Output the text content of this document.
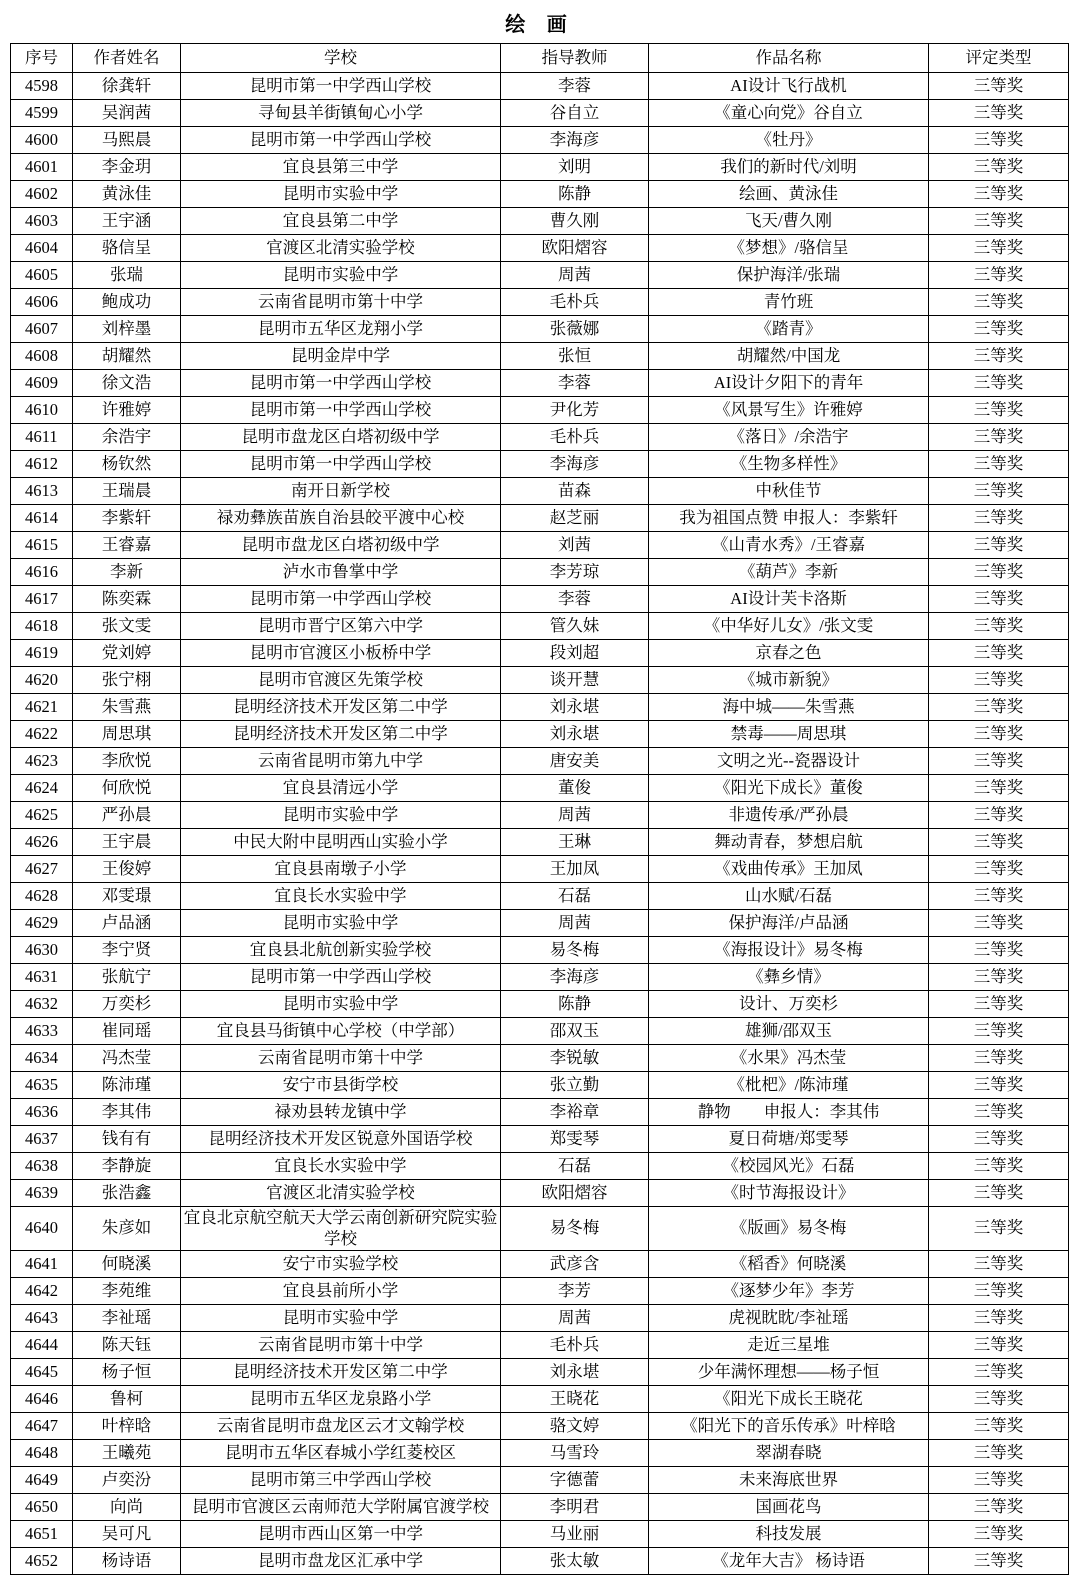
绘 画
序号	作者姓名	学校	指导教师	作品名称	评定类型
4598	徐龚轩	昆明市第一中学西山学校	李蓉	AI设计飞行战机	三等奖
4599	吴润茜	寻甸县羊街镇甸心小学	谷自立	《童心向党》谷自立	三等奖
4600	马熙晨	昆明市第一中学西山学校	李海彦	《牡丹》	三等奖
4601	李金玥	宜良县第三中学	刘明	我们的新时代/刘明	三等奖
4602	黄泳佳	昆明市实验中学	陈静	绘画、黄泳佳	三等奖
4603	王宇涵	宜良县第二中学	曹久刚	飞天/曹久刚	三等奖
4604	骆信呈	官渡区北清实验学校	欧阳熠容	《梦想》/骆信呈	三等奖
4605	张瑞	昆明市实验中学	周茜	保护海洋/张瑞	三等奖
4606	鲍成功	云南省昆明市第十中学	毛朴兵	青竹班	三等奖
4607	刘梓墨	昆明市五华区龙翔小学	张薇娜	《踏青》	三等奖
4608	胡耀然	昆明金岸中学	张恒	胡耀然/中国龙	三等奖
4609	徐文浩	昆明市第一中学西山学校	李蓉	AI设计夕阳下的青年	三等奖
4610	许雅婷	昆明市第一中学西山学校	尹化芳	《风景写生》许雅婷	三等奖
4611	余浩宇	昆明市盘龙区白塔初级中学	毛朴兵	《落日》/余浩宇	三等奖
4612	杨钦然	昆明市第一中学西山学校	李海彦	《生物多样性》	三等奖
4613	王瑞晨	南开日新学校	苗森	中秋佳节	三等奖
4614	李紫轩	禄劝彝族苗族自治县皎平渡中心校	赵芝丽	我为祖国点赞 申报人：李紫轩	三等奖
4615	王睿嘉	昆明市盘龙区白塔初级中学	刘茜	《山青水秀》/王睿嘉	三等奖
4616	李新	泸水市鲁掌中学	李芳琼	《葫芦》李新	三等奖
4617	陈奕霖	昆明市第一中学西山学校	李蓉	AI设计芙卡洛斯	三等奖
4618	张文雯	昆明市晋宁区第六中学	管久妹	《中华好儿女》/张文雯	三等奖
4619	党刘婷	昆明市官渡区小板桥中学	段刘超	京春之色	三等奖
4620	张宁栩	昆明市官渡区先策学校	谈开慧	《城市新貌》	三等奖
4621	朱雪燕	昆明经济技术开发区第二中学	刘永堪	海中城——朱雪燕	三等奖
4622	周思琪	昆明经济技术开发区第二中学	刘永堪	禁毒——周思琪	三等奖
4623	李欣悦	云南省昆明市第九中学	唐安美	文明之光--瓷器设计	三等奖
4624	何欣悦	宜良县清远小学	董俊	《阳光下成长》董俊	三等奖
4625	严孙晨	昆明市实验中学	周茜	非遗传承/严孙晨	三等奖
4626	王宇晨	中民大附中昆明西山实验小学	王琳	舞动青春，梦想启航	三等奖
4627	王俊婷	宜良县南墩子小学	王加凤	《戏曲传承》王加凤	三等奖
4628	邓雯璟	宜良长水实验中学	石磊	山水赋/石磊	三等奖
4629	卢品涵	昆明市实验中学	周茜	保护海洋/卢品涵	三等奖
4630	李宁贤	宜良县北航创新实验学校	易冬梅	《海报设计》易冬梅	三等奖
4631	张航宁	昆明市第一中学西山学校	李海彦	《彝乡情》	三等奖
4632	万奕杉	昆明市实验中学	陈静	设计、万奕杉	三等奖
4633	崔同瑶	宜良县马街镇中心学校（中学部）	邵双玉	雄狮/邵双玉	三等奖
4634	冯杰莹	云南省昆明市第十中学	李锐敏	《水果》冯杰莹	三等奖
4635	陈沛瑾	安宁市县街学校	张立勤	《枇杷》/陈沛瑾	三等奖
4636	李其伟	禄劝县转龙镇中学	李裕章	静物　　申报人：李其伟	三等奖
4637	钱有有	昆明经济技术开发区锐意外国语学校	郑雯琴	夏日荷塘/郑雯琴	三等奖
4638	李静旋	宜良长水实验中学	石磊	《校园风光》石磊	三等奖
4639	张浩鑫	官渡区北清实验学校	欧阳熠容	《时节海报设计》	三等奖
4640	朱彦如	宜良北京航空航天大学云南创新研究院实验学校	易冬梅	《版画》易冬梅	三等奖
4641	何晓溪	安宁市实验学校	武彦含	《稻香》何晓溪	三等奖
4642	李苑维	宜良县前所小学	李芳	《逐梦少年》李芳	三等奖
4643	李祉瑶	昆明市实验中学	周茜	虎视眈眈/李祉瑶	三等奖
4644	陈天钰	云南省昆明市第十中学	毛朴兵	走近三星堆	三等奖
4645	杨子恒	昆明经济技术开发区第二中学	刘永堪	少年满怀理想——杨子恒	三等奖
4646	鲁柯	昆明市五华区龙泉路小学	王晓花	《阳光下成长王晓花	三等奖
4647	叶梓晗	云南省昆明市盘龙区云才文翰学校	骆文婷	《阳光下的音乐传承》叶梓晗	三等奖
4648	王曦苑	昆明市五华区春城小学红菱校区	马雪玲	翠湖春晓	三等奖
4649	卢奕汾	昆明市第三中学西山学校	字德蕾	未来海底世界	三等奖
4650	向尚	昆明市官渡区云南师范大学附属官渡学校	李明君	国画花鸟	三等奖
4651	吴可凡	昆明市西山区第一中学	马业丽	科技发展	三等奖
4652	杨诗语	昆明市盘龙区汇承中学	张太敏	《龙年大吉》 杨诗语	三等奖
